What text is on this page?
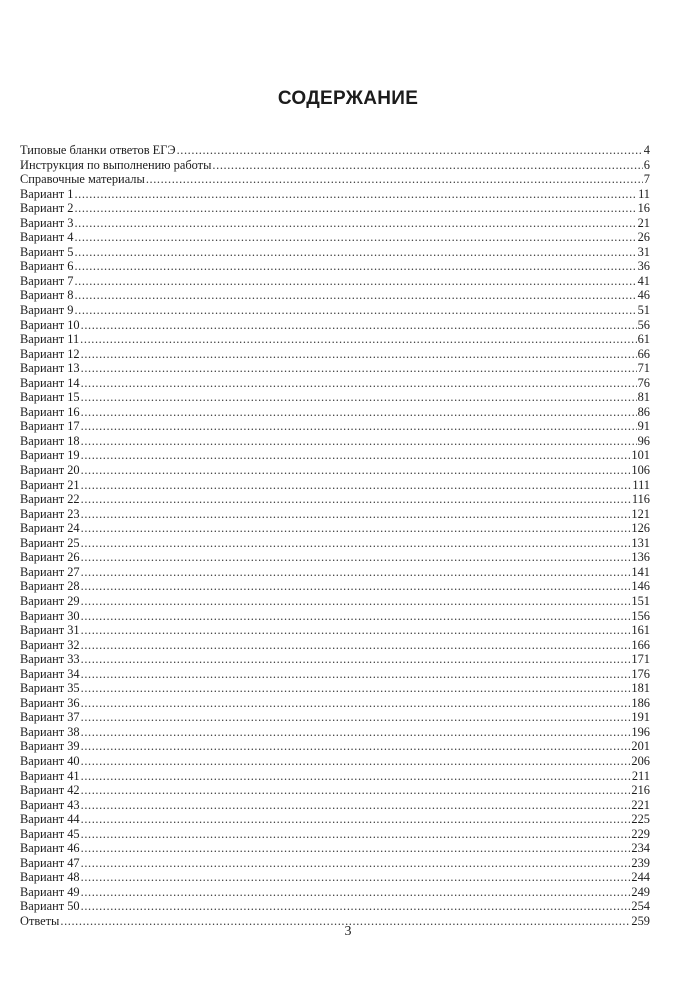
СОДЕРЖАНИЕ
Типовые бланки ответов ЕГЭ .....	4
Инструкция по выполнению работы .....	6
Справочные материалы .....	7
Вариант 1 .....	11
Вариант 2 .....	16
Вариант 3 .....	21
Вариант 4 .....	26
Вариант 5 .....	31
Вариант 6 .....	36
Вариант 7 .....	41
Вариант 8 .....	46
Вариант 9 .....	51
Вариант 10 .....	56
Вариант 11 .....	61
Вариант 12 .....	66
Вариант 13 .....	71
Вариант 14 .....	76
Вариант 15 .....	81
Вариант 16 .....	86
Вариант 17 .....	91
Вариант 18 .....	96
Вариант 19 .....	101
Вариант 20 .....	106
Вариант 21 .....	111
Вариант 22 .....	116
Вариант 23 .....	121
Вариант 24 .....	126
Вариант 25 .....	131
Вариант 26 .....	136
Вариант 27 .....	141
Вариант 28 .....	146
Вариант 29 .....	151
Вариант 30 .....	156
Вариант 31 .....	161
Вариант 32 .....	166
Вариант 33 .....	171
Вариант 34 .....	176
Вариант 35 .....	181
Вариант 36 .....	186
Вариант 37 .....	191
Вариант 38 .....	196
Вариант 39 .....	201
Вариант 40 .....	206
Вариант 41 .....	211
Вариант 42 .....	216
Вариант 43 .....	221
Вариант 44 .....	225
Вариант 45 .....	229
Вариант 46 .....	234
Вариант 47 .....	239
Вариант 48 .....	244
Вариант 49 .....	249
Вариант 50 .....	254
Ответы .....	259
3
